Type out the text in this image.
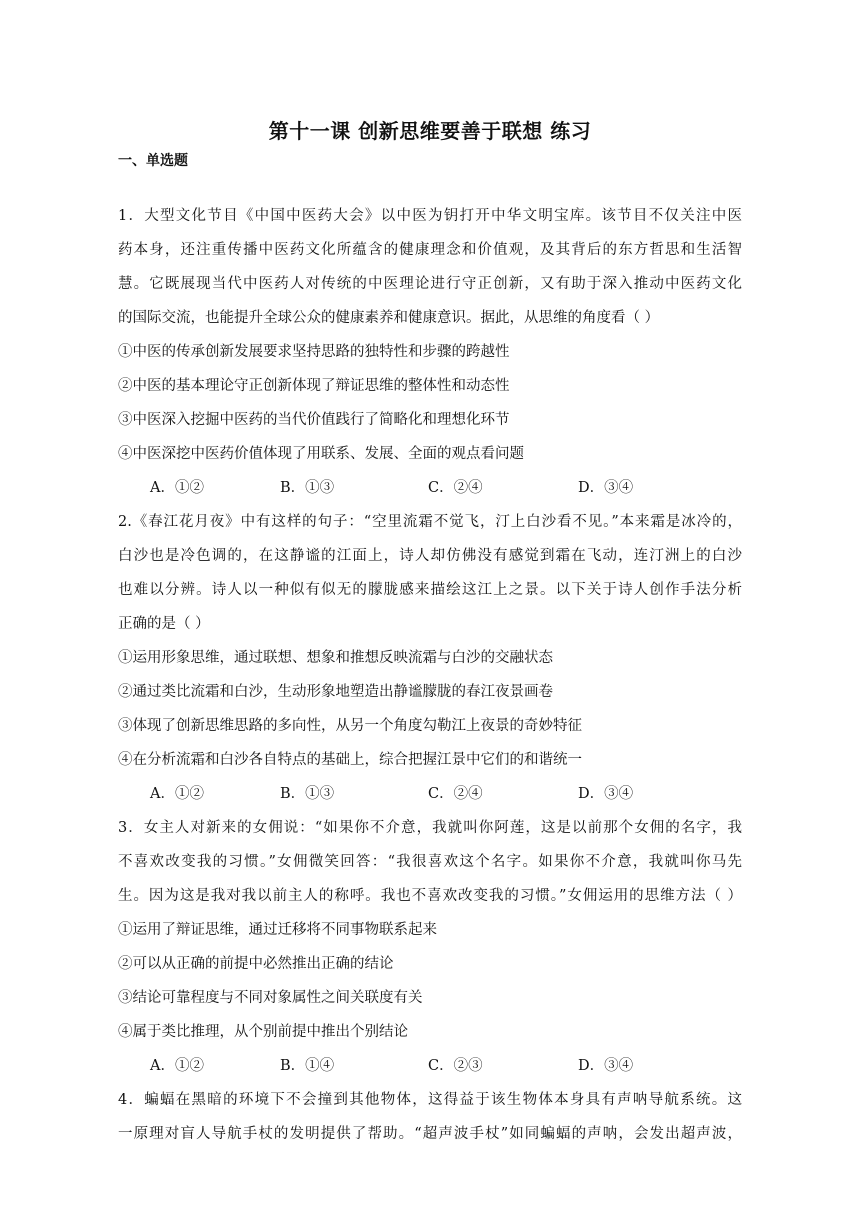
第十一课 创新思维要善于联想 练习
一、单选题
1．大型文化节目《中国中医药大会》以中医为钥打开中华文明宝库。该节目不仅关注中医
药本身，还注重传播中医药文化所蕴含的健康理念和价值观，及其背后的东方哲思和生活智
慧。它既展现当代中医药人对传统的中医理论进行守正创新，又有助于深入推动中医药文化
的国际交流，也能提升全球公众的健康素养和健康意识。据此，从思维的角度看（ ）
①中医的传承创新发展要求坚持思路的独特性和步骤的跨越性
②中医的基本理论守正创新体现了辩证思维的整体性和动态性
③中医深入挖掘中医药的当代价值践行了简略化和理想化环节
④中医深挖中医药价值体现了用联系、发展、全面的观点看问题
A．①②	B．①③	C．②④	D．③④
2.《春江花月夜》中有这样的句子：“空里流霜不觉飞，汀上白沙看不见。”本来霜是冰冷的，
白沙也是冷色调的，在这静谧的江面上，诗人却仿佛没有感觉到霜在飞动，连汀洲上的白沙
也难以分辨。诗人以一种似有似无的朦胧感来描绘这江上之景。以下关于诗人创作手法分析
正确的是（ ）
①运用形象思维，通过联想、想象和推想反映流霜与白沙的交融状态
②通过类比流霜和白沙，生动形象地塑造出静谧朦胧的春江夜景画卷
③体现了创新思维思路的多向性，从另一个角度勾勒江上夜景的奇妙特征
④在分析流霜和白沙各自特点的基础上，综合把握江景中它们的和谐统一
A．①②	B．①③	C．②④	D．③④
3．女主人对新来的女佣说：“如果你不介意，我就叫你阿莲，这是以前那个女佣的名字，我
不喜欢改变我的习惯。”女佣微笑回答：“我很喜欢这个名字。如果你不介意，我就叫你马先
生。因为这是我对我以前主人的称呼。我也不喜欢改变我的习惯。”女佣运用的思维方法（ ）
①运用了辩证思维，通过迁移将不同事物联系起来
②可以从正确的前提中必然推出正确的结论
③结论可靠程度与不同对象属性之间关联度有关
④属于类比推理，从个别前提中推出个别结论
A．①②	B．①④	C．②③	D．③④
4．蝙蝠在黑暗的环境下不会撞到其他物体，这得益于该生物体本身具有声呐导航系统。这
一原理对盲人导航手杖的发明提供了帮助。“超声波手杖”如同蝙蝠的声呐，会发出超声波，
